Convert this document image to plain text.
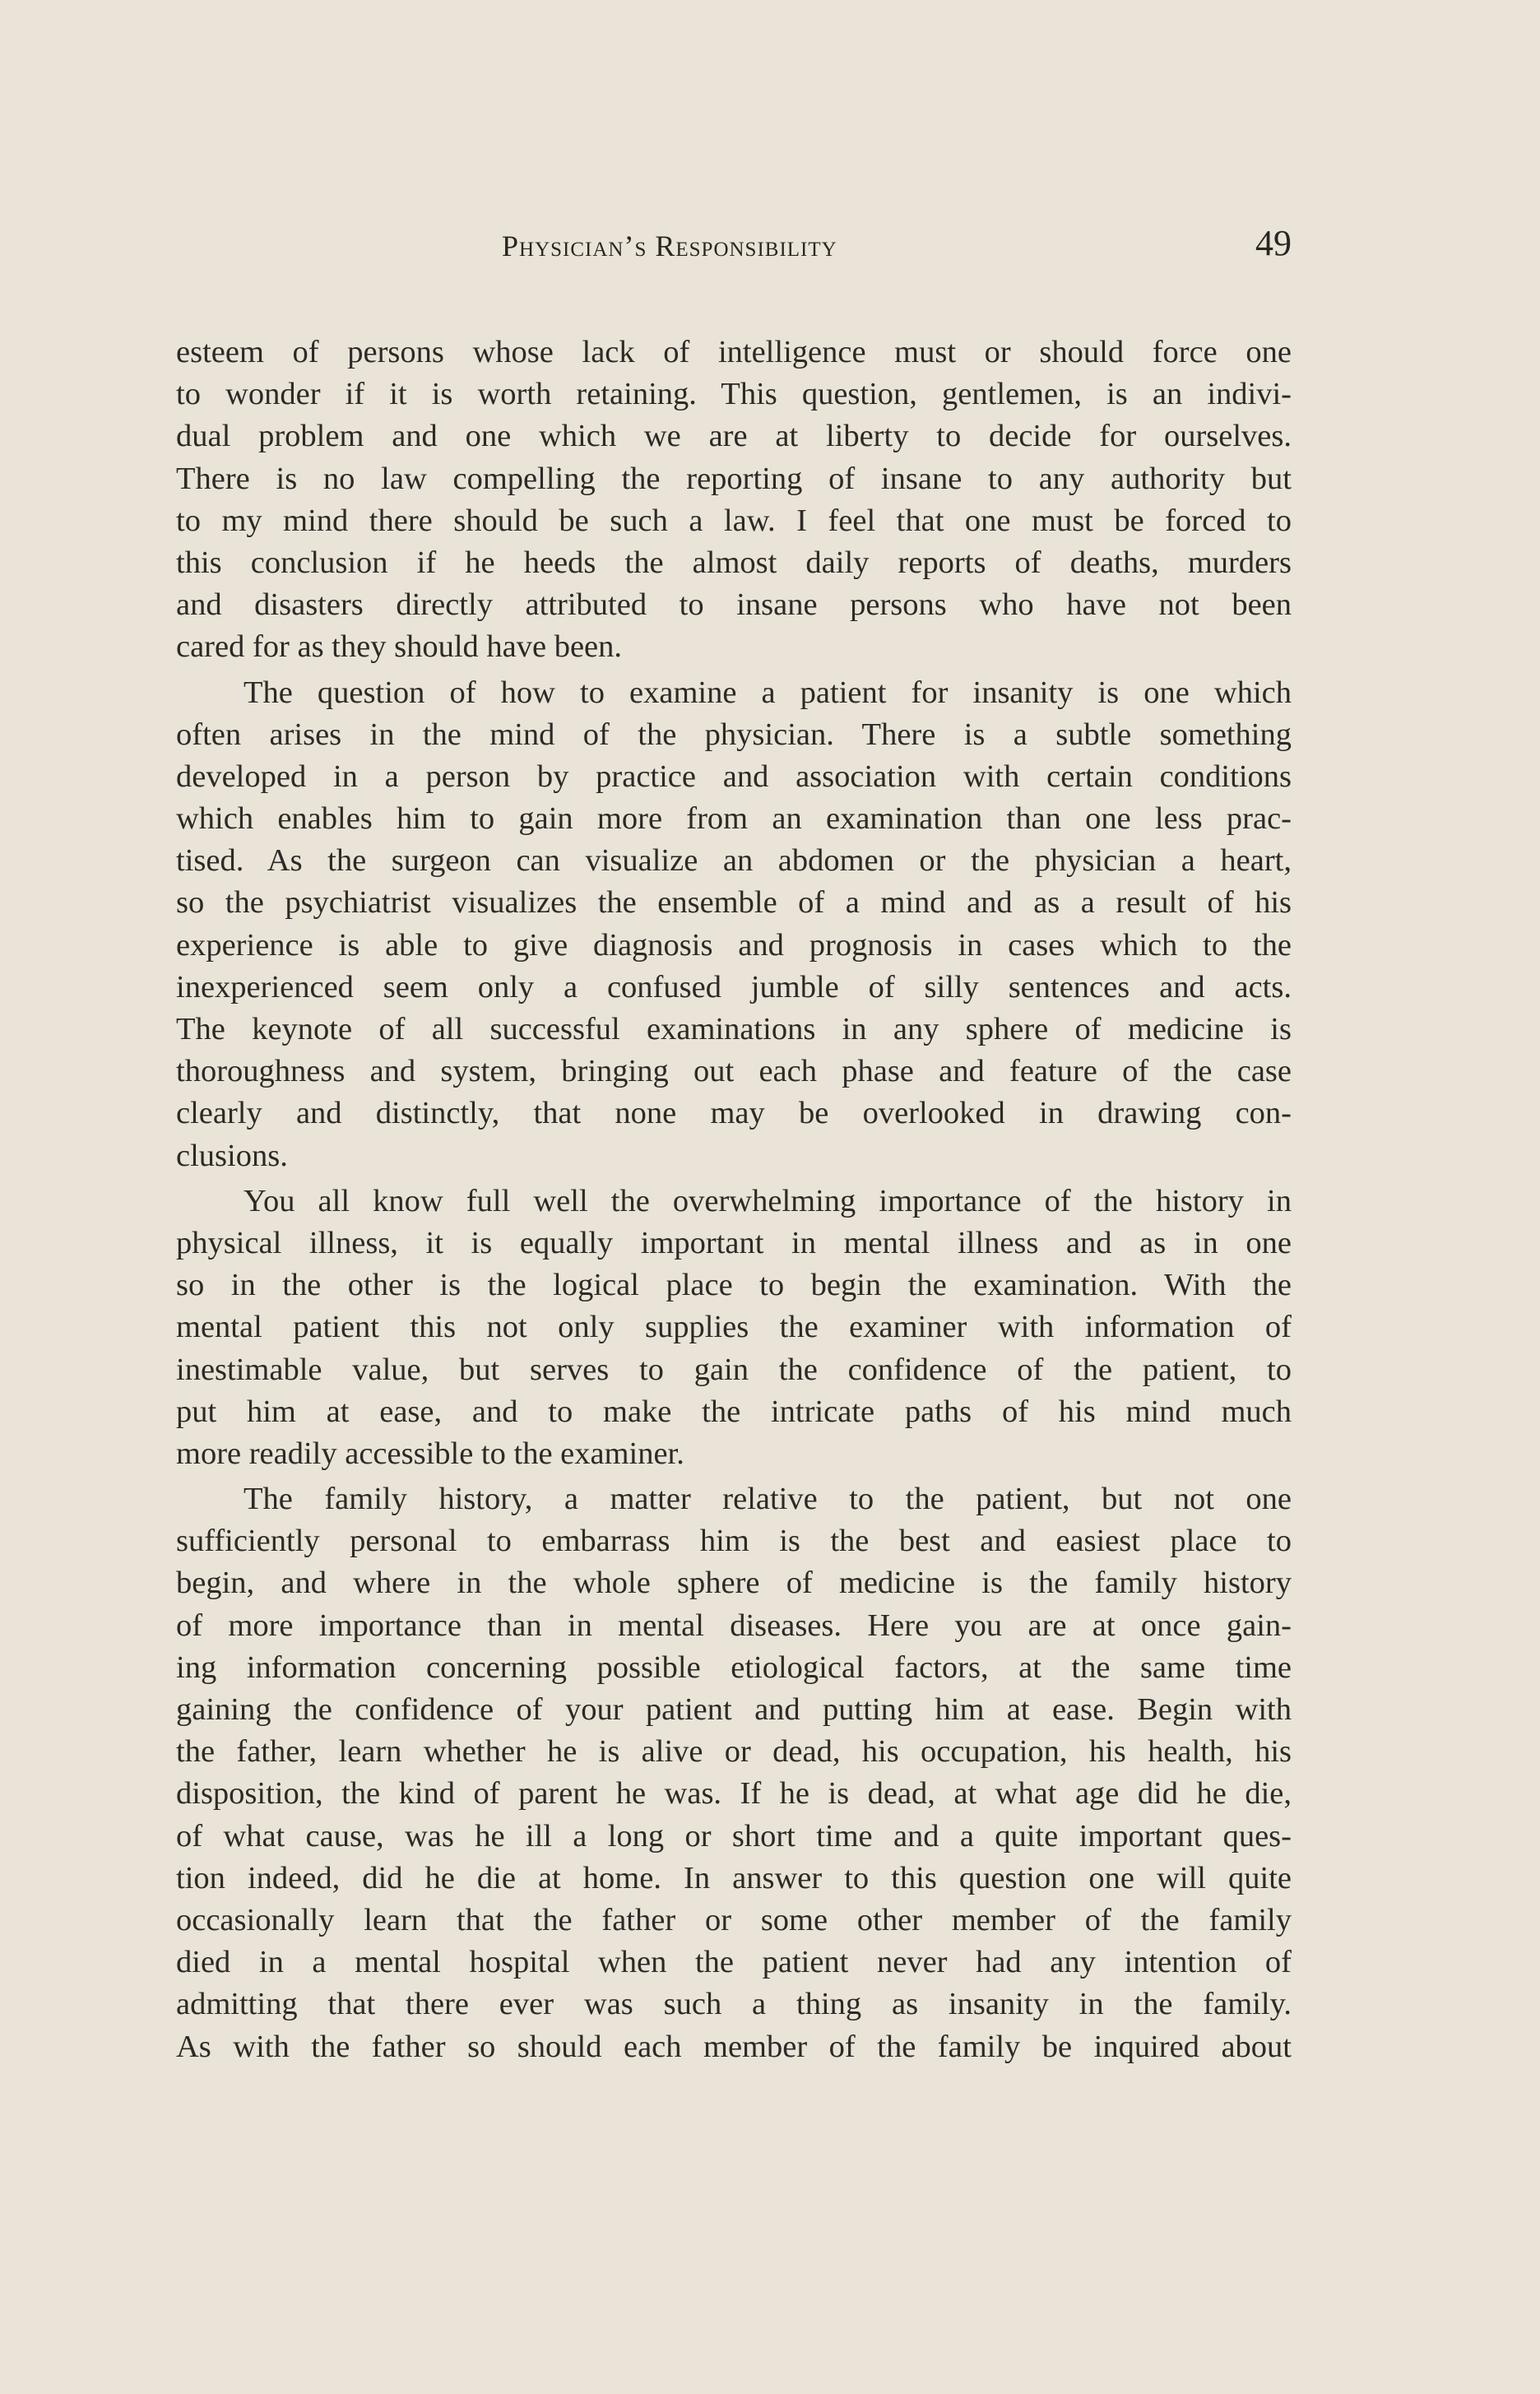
Physician’s Responsibility	49
esteem of persons whose lack of intelligence must or should force one
to wonder if it is worth retaining. This question, gentlemen, is an indivi-
dual problem and one which we are at liberty to decide for ourselves.
There is no law compelling the reporting of insane to any authority but
to my mind there should be such a law. I feel that one must be forced to
this conclusion if he heeds the almost daily reports of deaths, murders
and disasters directly attributed to insane persons who have not been
cared for as they should have been.
The question of how to examine a patient for insanity is one which
often arises in the mind of the physician. There is a subtle something
developed in a person by practice and association with certain conditions
which enables him to gain more from an examination than one less prac-
tised. As the surgeon can visualize an abdomen or the physician a heart,
so the psychiatrist visualizes the ensemble of a mind and as a result of his
experience is able to give diagnosis and prognosis in cases which to the
inexperienced seem only a confused jumble of silly sentences and acts.
The keynote of all successful examinations in any sphere of medicine is
thoroughness and system, bringing out each phase and feature of the case
clearly and distinctly, that none may be overlooked in drawing con-
clusions.
You all know full well the overwhelming importance of the history in
physical illness, it is equally important in mental illness and as in one
so in the other is the logical place to begin the examination. With the
mental patient this not only supplies the examiner with information of
inestimable value, but serves to gain the confidence of the patient, to
put him at ease, and to make the intricate paths of his mind much
more readily accessible to the examiner.
The family history, a matter relative to the patient, but not one
sufficiently personal to embarrass him is the best and easiest place to
begin, and where in the whole sphere of medicine is the family history
of more importance than in mental diseases. Here you are at once gain-
ing information concerning possible etiological factors, at the same time
gaining the confidence of your patient and putting him at ease. Begin with
the father, learn whether he is alive or dead, his occupation, his health, his
disposition, the kind of parent he was. If he is dead, at what age did he die,
of what cause, was he ill a long or short time and a quite important ques-
tion indeed, did he die at home. In answer to this question one will quite
occasionally learn that the father or some other member of the family
died in a mental hospital when the patient never had any intention of
admitting that there ever was such a thing as insanity in the family.
As with the father so should each member of the family be inquired about
